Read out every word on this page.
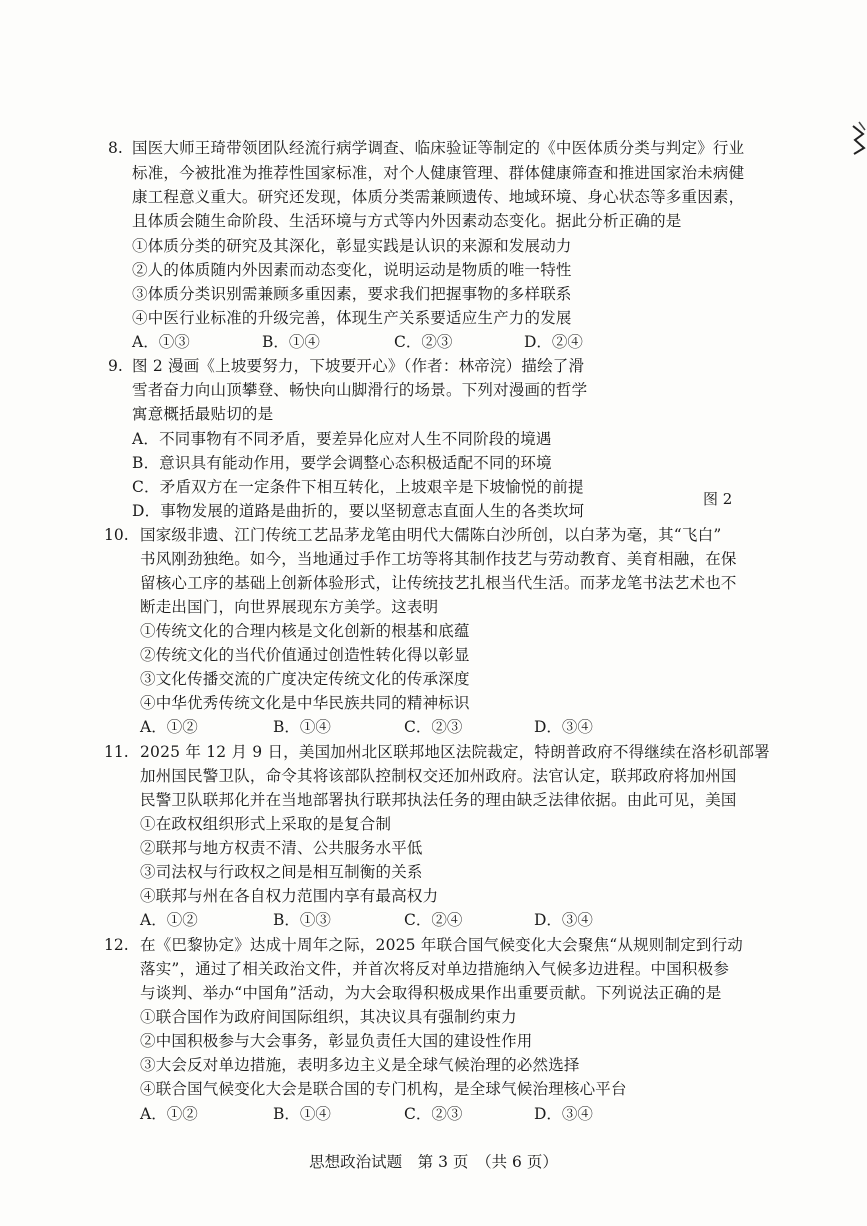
8. 国医大师王琦带领团队经流行病学调查、临床验证等制定的《中医体质分类与判定》行业
标准，今被批准为推荐性国家标准，对个人健康管理、群体健康筛查和推进国家治未病健
康工程意义重大。研究还发现，体质分类需兼顾遗传、地域环境、身心状态等多重因素，
且体质会随生命阶段、生活环境与方式等内外因素动态变化。据此分析正确的是
①体质分类的研究及其深化，彰显实践是认识的来源和发展动力
②人的体质随内外因素而动态变化，说明运动是物质的唯一特性
③体质分类识别需兼顾多重因素，要求我们把握事物的多样联系
④中医行业标准的升级完善，体现生产关系要适应生产力的发展
A．①③	B．①④	C．②③	D．②④
9. 图 2 漫画《上坡要努力，下坡要开心》（作者：林帝浣）描绘了滑
雪者奋力向山顶攀登、畅快向山脚滑行的场景。下列对漫画的哲学
寓意概括最贴切的是
A．不同事物有不同矛盾，要差异化应对人生不同阶段的境遇
B．意识具有能动作用，要学会调整心态积极适配不同的环境
C．矛盾双方在一定条件下相互转化，上坡艰辛是下坡愉悦的前提
D．事物发展的道路是曲折的，要以坚韧意志直面人生的各类坎坷
图 2
10. 国家级非遗、江门传统工艺品茅龙笔由明代大儒陈白沙所创，以白茅为毫，其“飞白”
书风刚劲独绝。如今，当地通过手作工坊等将其制作技艺与劳动教育、美育相融，在保
留核心工序的基础上创新体验形式，让传统技艺扎根当代生活。而茅龙笔书法艺术也不
断走出国门，向世界展现东方美学。这表明
①传统文化的合理内核是文化创新的根基和底蕴
②传统文化的当代价值通过创造性转化得以彰显
③文化传播交流的广度决定传统文化的传承深度
④中华优秀传统文化是中华民族共同的精神标识
A．①②	B．①④	C．②③	D．③④
11. 2025 年 12 月 9 日，美国加州北区联邦地区法院裁定，特朗普政府不得继续在洛杉矶部署
加州国民警卫队，命令其将该部队控制权交还加州政府。法官认定，联邦政府将加州国
民警卫队联邦化并在当地部署执行联邦执法任务的理由缺乏法律依据。由此可见，美国
①在政权组织形式上采取的是复合制
②联邦与地方权责不清、公共服务水平低
③司法权与行政权之间是相互制衡的关系
④联邦与州在各自权力范围内享有最高权力
A．①②	B．①③	C．②④	D．③④
12. 在《巴黎协定》达成十周年之际，2025 年联合国气候变化大会聚焦“从规则制定到行动
落实”，通过了相关政治文件，并首次将反对单边措施纳入气候多边进程。中国积极参
与谈判、举办“中国角”活动，为大会取得积极成果作出重要贡献。下列说法正确的是
①联合国作为政府间国际组织，其决议具有强制约束力
②中国积极参与大会事务，彰显负责任大国的建设性作用
③大会反对单边措施，表明多边主义是全球气候治理的必然选择
④联合国气候变化大会是联合国的专门机构，是全球气候治理核心平台
A．①②	B．①④	C．②③	D．③④
思想政治试题　第 3 页　（共 6 页）
